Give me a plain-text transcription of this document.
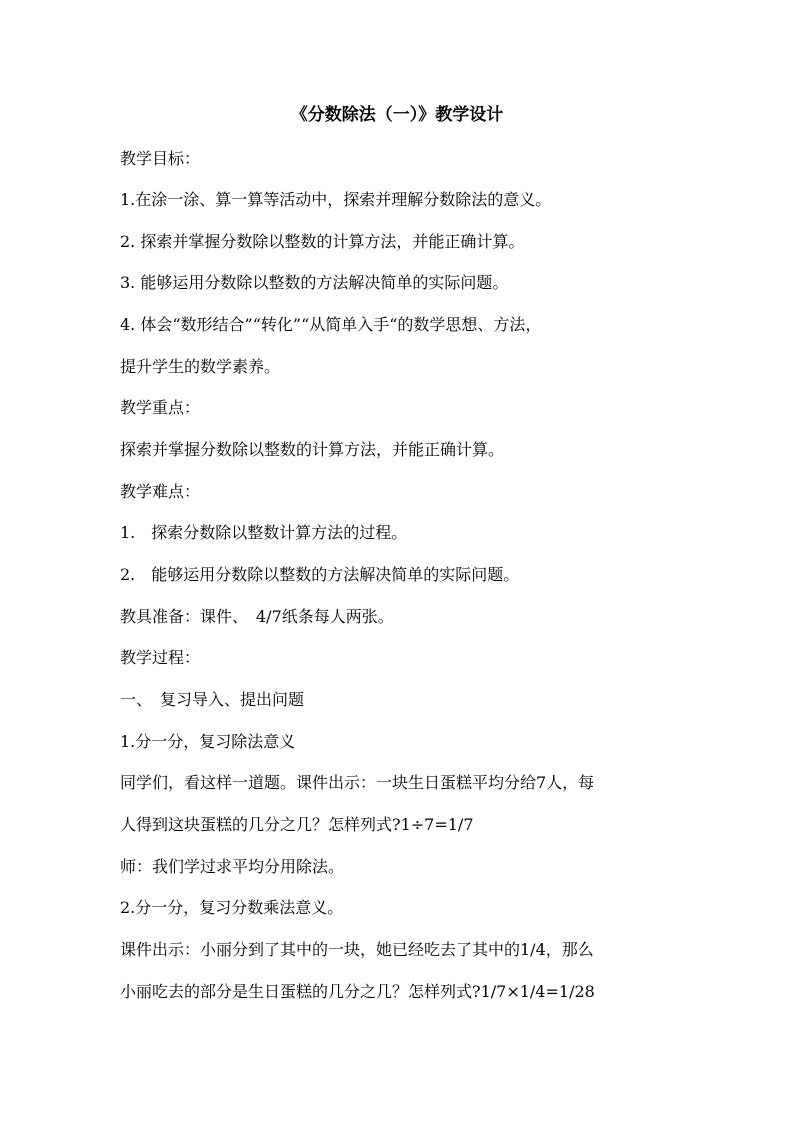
《分数除法（一）》教学设计
教学目标：
1.在涂一涂、算一算等活动中，探索并理解分数除法的意义。
2. 探索并掌握分数除以整数的计算方法，并能正确计算。
3. 能够运用分数除以整数的方法解决简单的实际问题。
4. 体会“数形结合”“转化”“从简单入手“的数学思想、方法，
提升学生的数学素养。
教学重点：
探索并掌握分数除以整数的计算方法，并能正确计算。
教学难点：
1.　探索分数除以整数计算方法的过程。
2.　能够运用分数除以整数的方法解决简单的实际问题。
教具准备：课件、　4/7纸条每人两张。
教学过程：
一、　复习导入、提出问题
1.分一分，复习除法意义
同学们，看这样一道题。课件出示：一块生日蛋糕平均分给7人，每
人得到这块蛋糕的几分之几？怎样列式?1÷7=1/7
师：我们学过求平均分用除法。
2.分一分，复习分数乘法意义。
课件出示：小丽分到了其中的一块，她已经吃去了其中的1/4，那么
小丽吃去的部分是生日蛋糕的几分之几？怎样列式?1/7×1/4=1/28
